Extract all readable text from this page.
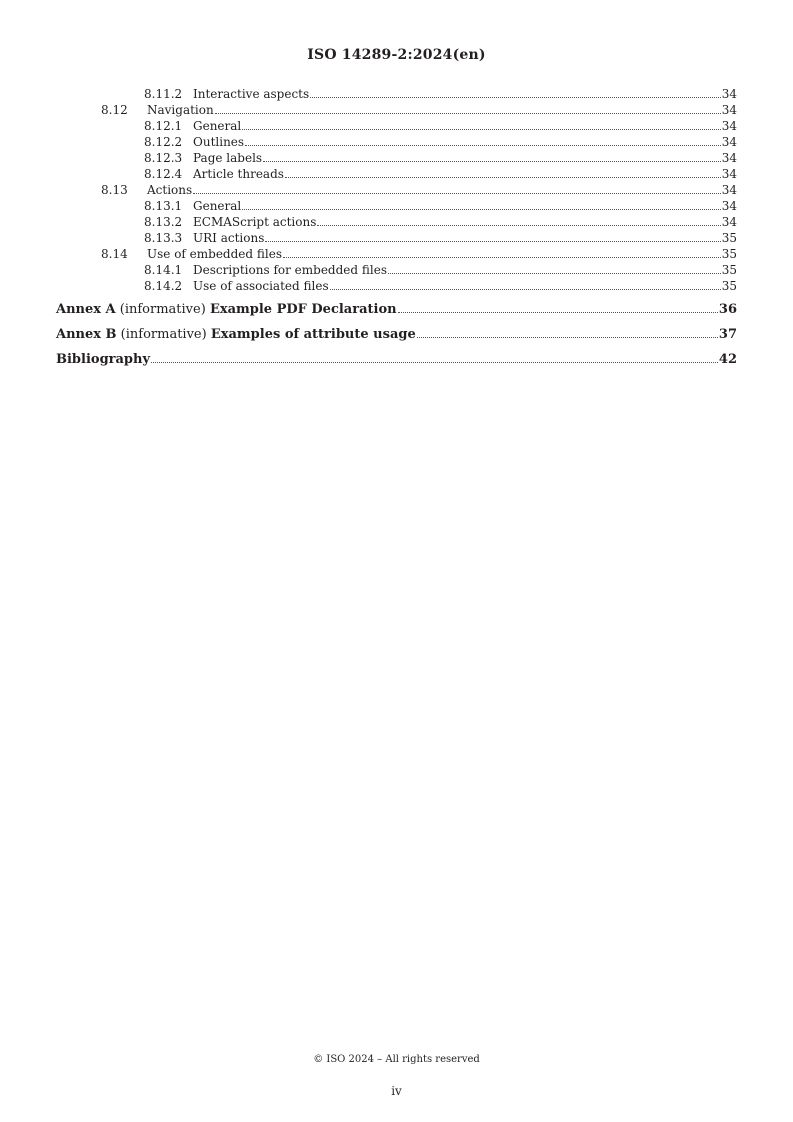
ISO 14289-2:2024(en)
8.11.2 Interactive aspects	34
8.12	Navigation	34
8.12.1 General	34
8.12.2 Outlines	34
8.12.3 Page labels	34
8.12.4 Article threads	34
8.13	Actions	34
8.13.1 General	34
8.13.2 ECMAScript actions	34
8.13.3 URI actions	35
8.14	Use of embedded files	35
8.14.1 Descriptions for embedded files	35
8.14.2 Use of associated files	35
Annex A (informative) Example PDF Declaration	36
Annex B (informative) Examples of attribute usage	37
Bibliography	42
© ISO 2024 – All rights reserved
iv
